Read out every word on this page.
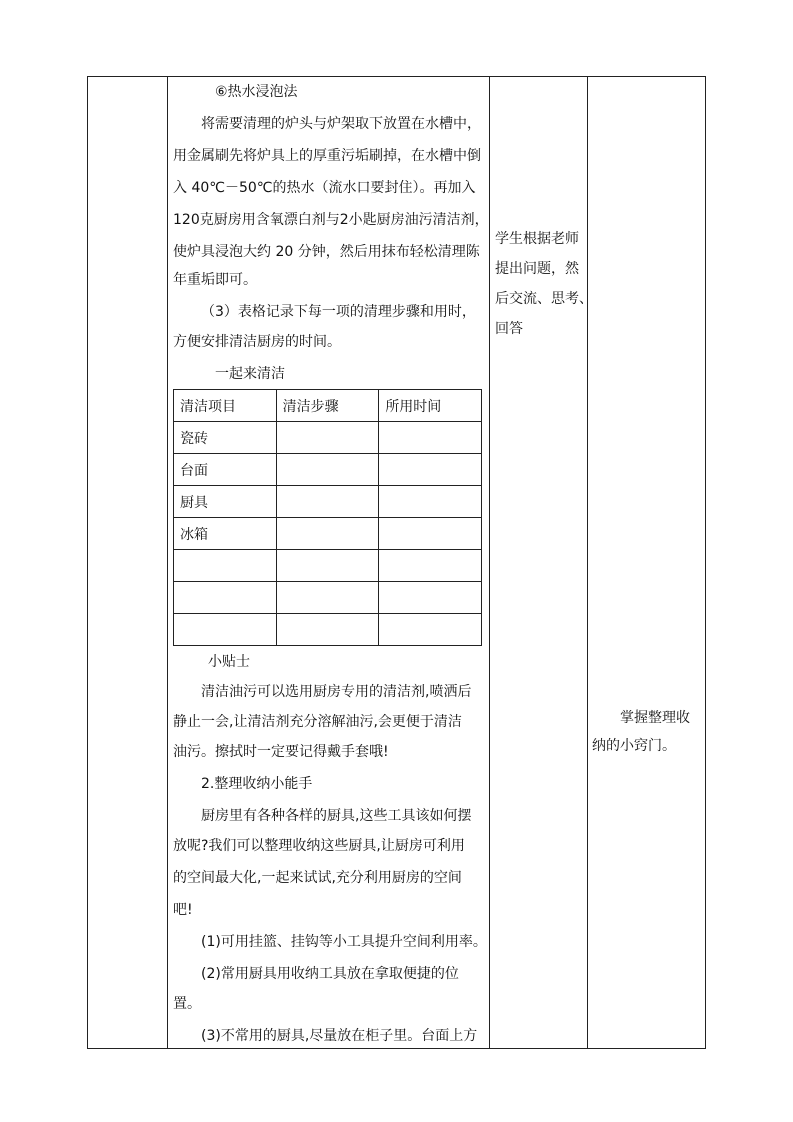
⑥热水浸泡法
将需要清理的炉头与炉架取下放置在水槽中，
用金属刷先将炉具上的厚重污垢刷掉，在水槽中倒
入 40℃－50℃的热水（流水口要封住）。再加入
120克厨房用含氧漂白剂与2小匙厨房油污清洁剂，
使炉具浸泡大约 20 分钟，然后用抹布轻松清理陈
年重垢即可。
（3）表格记录下每一项的清理步骤和用时，
方便安排清洁厨房的时间。
一起来清洁
清洁项目	清洁步骤	所用时间
瓷砖		
台面		
厨具		
冰箱		

小贴士
清洁油污可以选用厨房专用的清洁剂,喷洒后
静止一会,让清洁剂充分溶解油污,会更便于清洁
油污。擦拭时一定要记得戴手套哦!
2.整理收纳小能手
厨房里有各种各样的厨具,这些工具该如何摆
放呢?我们可以整理收纳这些厨具,让厨房可利用
的空间最大化,一起来试试,充分利用厨房的空间
吧!
(1)可用挂篮、挂钩等小工具提升空间利用率。
(2)常用厨具用收纳工具放在拿取便捷的位
置。
(3)不常用的厨具,尽量放在柜子里。台面上方
学生根据老师
提出问题，然
后交流、思考、
回答
掌握整理收
纳的小窍门。
